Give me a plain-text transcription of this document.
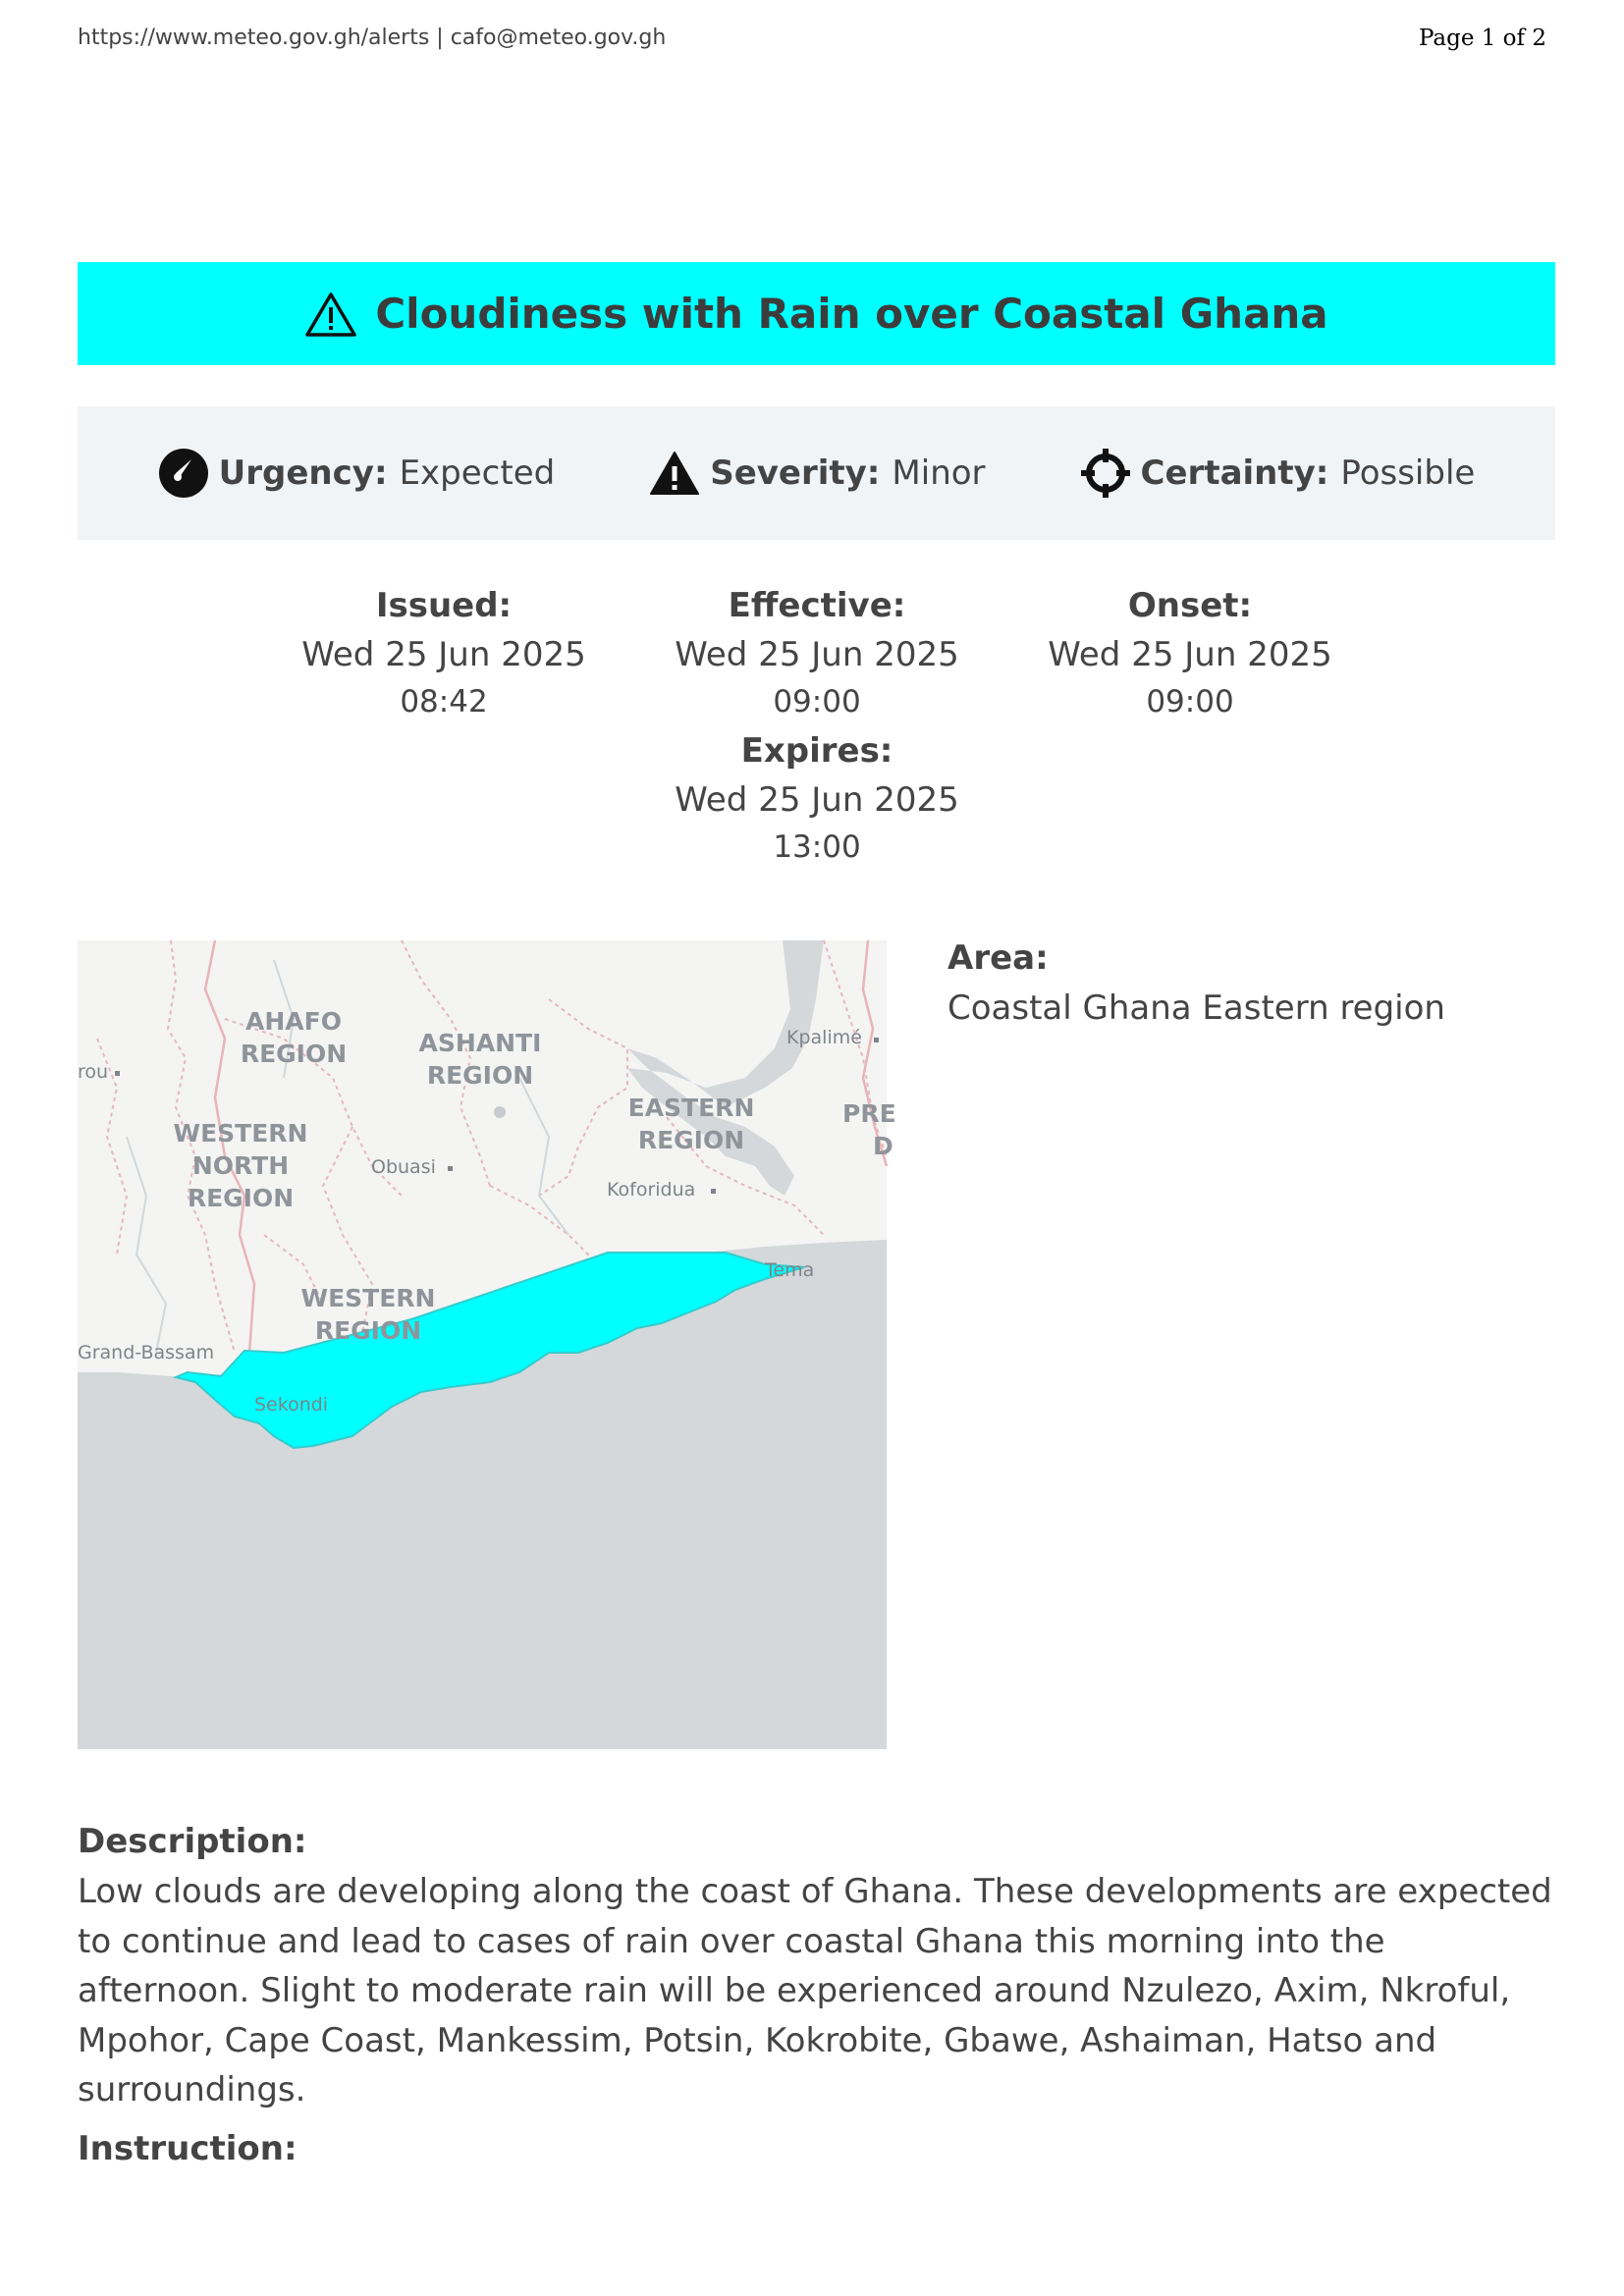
https://www.meteo.gov.gh/alerts | cafo@meteo.gov.gh	Page 1 of 2
Cloudiness with Rain over Coastal Ghana
Urgency: Expected	Severity: Minor	Certainty: Possible
Issued:
Wed 25 Jun 2025
08:42
Effective:
Wed 25 Jun 2025
09:00
Onset:
Wed 25 Jun 2025
09:00
Expires:
Wed 25 Jun 2025
13:00
AHAFO
REGION	ASHANTI
REGION
EASTERN
REGION
WESTERN
NORTH
REGION
WESTERN
REGION
PRE
D
Kpalimé
rou
Obuasi
Koforidua
Tema
Grand-Bassam
Sekondi
Area:
Coastal Ghana Eastern region
Description:
Low clouds are developing along the coast of Ghana. These developments are expected to continue and lead to cases of rain over coastal Ghana this morning into the afternoon. Slight to moderate rain will be experienced around Nzulezo, Axim, Nkroful, Mpohor, Cape Coast, Mankessim, Potsin, Kokrobite, Gbawe, Ashaiman, Hatso and surroundings.
Instruction:
